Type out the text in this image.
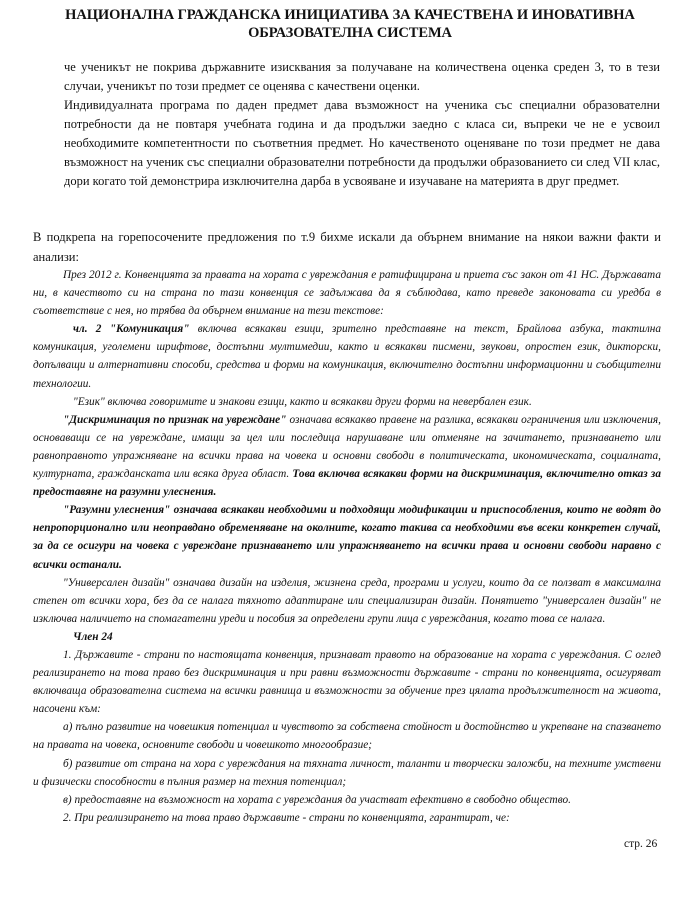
НАЦИОНАЛНА ГРАЖДАНСКА ИНИЦИАТИВА ЗА КАЧЕСТВЕНА И ИНОВАТИВНА
ОБРАЗОВАТЕЛНА СИСТЕМА

че ученикът не покрива държавните изисквания за получаване на количествена оценка среден 3, то в тези случаи, ученикът по този предмет се оценява с качествени оценки.

Индивидуалната програма по даден предмет дава възможност на ученика със специални образователни потребности да не повтаря учебната година и да продължи заедно с класа си, въпреки че не е усвоил необходимите компетентности по съответния предмет. Но качественото оценяване по този предмет не дава възможност на ученик със специални образователни потребности да продължи образованието си след VII клас, дори когато той демонстрира изключителна дарба в усвояване и изучаване на материята в друг предмет.

В подкрепа на горепосочените предложения по т.9 бихме искали да обърнем внимание на някои важни факти и анализи:

През 2012 г. Конвенцията за правата на хората с увреждания е ратифицирана и приета със закон от 41 НС. Държавата ни, в качеството си на страна по тази конвенция се задължава да я съблюдава, като преведе законовата си уредба в съответствие с нея, но трябва да обърнем внимание на тези текстове:

чл. 2 "Комуникация" включва всякакви езици, зрително представяне на текст, Брайлова азбука, тактилна комуникация, уголемени шрифтове, достъпни мултимедии, както и всякакви писмени, звукови, опростен език, дикторски, допълващи и алтернативни способи, средства и форми на комуникация, включително достъпни информационни и съобщителни технологии.

"Език" включва говоримите и знакови езици, както и всякакви други форми на невербален език.

"Дискриминация по признак на увреждане" означава всякакво правене на разлика, всякакви ограничения или изключения, основаващи се на увреждане, имащи за цел или последица нарушаване или отменяне на зачитането, признаването или равноправното упражняване на всички права на човека и основни свободи в политическата, икономическата, социалната, културната, гражданската или всяка друга област. Това включва всякакви форми на дискриминация, включително отказ за предоставяне на разумни улеснения.

"Разумни улеснения" означава всякакви необходими и подходящи модификации и приспособления, които не водят до непропорционално или неоправдано обременяване на околните, когато такива са необходими във всеки конкретен случай, за да се осигури на човека с увреждане признаването или упражняването на всички права и основни свободи наравно с всички останали.

"Универсален дизайн" означава дизайн на изделия, жизнена среда, програми и услуги, които да се ползват в максимална степен от всички хора, без да се налага тяхното адаптиране или специализиран дизайн. Понятието "универсален дизайн" не изключва наличието на спомагателни уреди и пособия за определени групи лица с увреждания, когато това се налага.

Член 24

1. Държавите - страни по настоящата конвенция, признават правото на образование на хората с увреждания. С оглед реализирането на това право без дискриминация и при равни възможности държавите - страни по конвенцията, осигуряват включваща образователна система на всички равнища и възможности за обучение през цялата продължителност на живота, насочени към:

а) пълно развитие на човешкия потенциал и чувството за собствена стойност и достойнство и укрепване на спазването на правата на човека, основните свободи и човешкото многообразие;

б) развитие от страна на хора с увреждания на тяхната личност, таланти и творчески заложби, на техните умствени и физически способности в пълния размер на техния потенциал;

в) предоставяне на възможност на хората с увреждания да участват ефективно в свободно общество.

2. При реализирането на това право държавите - страни по конвенцията, гарантират, че:

стр. 26
